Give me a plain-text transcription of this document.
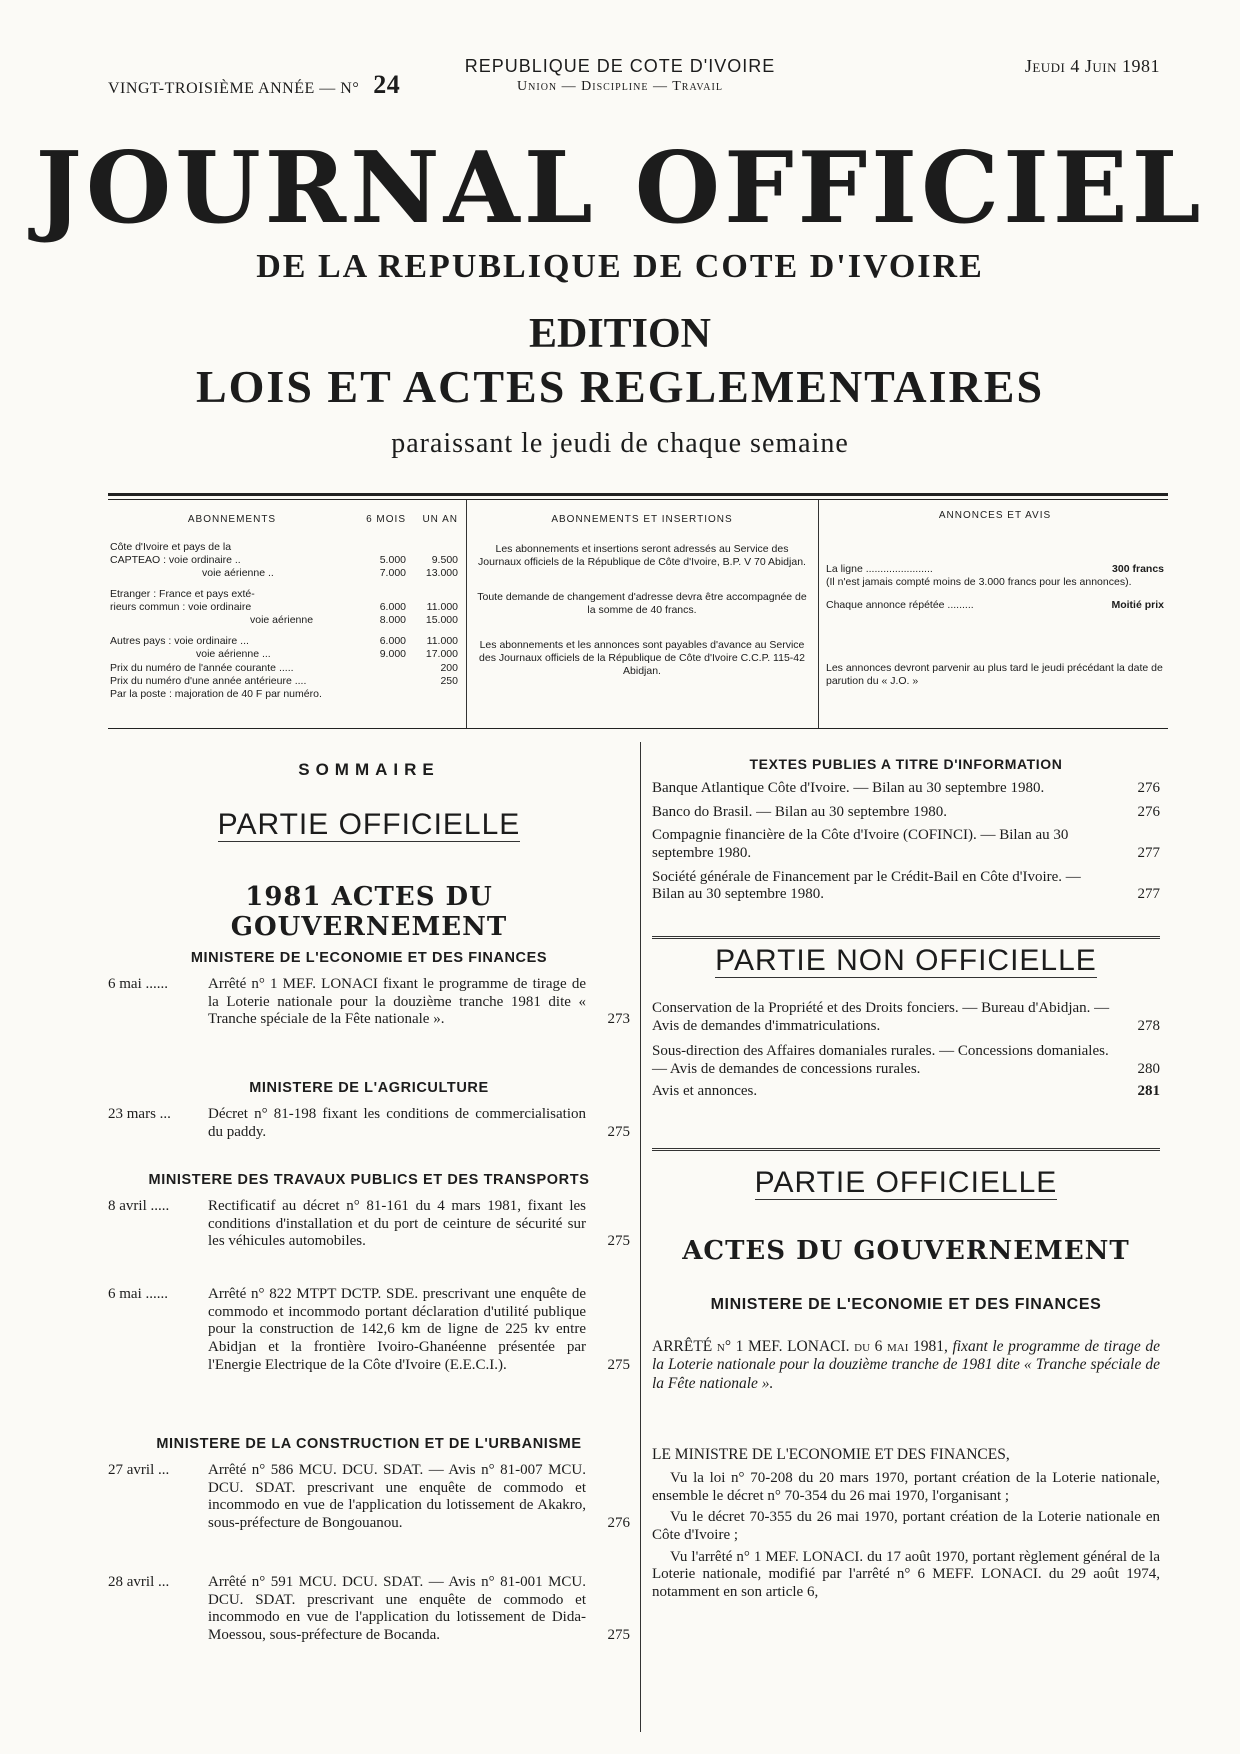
VINGT-TROISIÈME ANNÉE — N° 24
REPUBLIQUE DE COTE D'IVOIRE
Union — Discipline — Travail
Jeudi 4 Juin 1981
JOURNAL OFFICIEL
DE LA REPUBLIQUE DE COTE D'IVOIRE
EDITION
LOIS ET ACTES REGLEMENTAIRES
paraissant le jeudi de chaque semaine
ABONNEMENTS	6 MOIS	UN AN
Côte d'Ivoire et pays de la
CAPTEAO : voie ordinaire ..	5.000	9.500
voie aérienne ..	7.000	13.000
Etranger : France et pays exté-
rieurs commun : voie ordinaire	6.000	11.000
voie aérienne	8.000	15.000
Autres pays : voie ordinaire ...	6.000	11.000
voie aérienne ...	9.000	17.000
Prix du numéro de l'année courante .....	200
Prix du numéro d'une année antérieure ....	250
Par la poste : majoration de 40 F par numéro.
ABONNEMENTS ET INSERTIONS
Les abonnements et insertions seront adressés au Service des Journaux officiels de la République de Côte d'Ivoire, B.P. V 70 Abidjan.
Toute demande de changement d'adresse devra être accompagnée de la somme de 40 francs.
Les abonnements et les annonces sont payables d'avance au Service des Journaux officiels de la République de Côte d'Ivoire C.C.P. 115-42 Abidjan.
ANNONCES ET AVIS
La ligne .......................	300 francs
(Il n'est jamais compté moins de 3.000 francs pour les annonces).
Chaque annonce répétée .........	Moitié prix
Les annonces devront parvenir au plus tard le jeudi précédant la date de parution du « J.O. »
SOMMAIRE
PARTIE OFFICIELLE
1981 ACTES DU GOUVERNEMENT
MINISTERE DE L'ECONOMIE ET DES FINANCES
6 mai ......	Arrêté n° 1 MEF. LONACI fixant le programme de tirage de la Loterie nationale pour la douzième tranche 1981 dite « Tranche spéciale de la Fête nationale ».	273
MINISTERE DE L'AGRICULTURE
23 mars ...	Décret n° 81-198 fixant les conditions de commercialisation du paddy.	275
MINISTERE DES TRAVAUX PUBLICS ET DES TRANSPORTS
8 avril .....	Rectificatif au décret n° 81-161 du 4 mars 1981, fixant les conditions d'installation et du port de ceinture de sécurité sur les véhicules automobiles.	275
6 mai ......	Arrêté n° 822 MTPT DCTP. SDE. prescrivant une enquête de commodo et incommodo portant déclaration d'utilité publique pour la construction de 142,6 km de ligne de 225 kv entre Abidjan et la frontière Ivoiro-Ghanéenne présentée par l'Energie Electrique de la Côte d'Ivoire (E.E.C.I.).	275
MINISTERE DE LA CONSTRUCTION ET DE L'URBANISME
27 avril ...	Arrêté n° 586 MCU. DCU. SDAT. — Avis n° 81-007 MCU. DCU. SDAT. prescrivant une enquête de commodo et incommodo en vue de l'application du lotissement de Akakro, sous-préfecture de Bongouanou.	276
28 avril ...	Arrêté n° 591 MCU. DCU. SDAT. — Avis n° 81-001 MCU. DCU. SDAT. prescrivant une enquête de commodo et incommodo en vue de l'application du lotissement de Dida-Moessou, sous-préfecture de Bocanda.	275
TEXTES PUBLIES A TITRE D'INFORMATION
Banque Atlantique Côte d'Ivoire. — Bilan au 30 septembre 1980.	276
Banco do Brasil. — Bilan au 30 septembre 1980.	276
Compagnie financière de la Côte d'Ivoire (COFINCI). — Bilan au 30 septembre 1980.	277
Société générale de Financement par le Crédit-Bail en Côte d'Ivoire. — Bilan au 30 septembre 1980.	277
PARTIE NON OFFICIELLE
Conservation de la Propriété et des Droits fonciers. — Bureau d'Abidjan. — Avis de demandes d'immatriculations.	278
Sous-direction des Affaires domaniales rurales. — Concessions domaniales. — Avis de demandes de concessions rurales.	280
Avis et annonces.	281
PARTIE OFFICIELLE
ACTES DU GOUVERNEMENT
MINISTERE DE L'ECONOMIE ET DES FINANCES
ARRÊTÉ n° 1 MEF. LONACI. du 6 mai 1981, fixant le programme de tirage de la Loterie nationale pour la douzième tranche de 1981 dite « Tranche spéciale de la Fête nationale ».
LE MINISTRE DE L'ECONOMIE ET DES FINANCES,
Vu la loi n° 70-208 du 20 mars 1970, portant création de la Loterie nationale, ensemble le décret n° 70-354 du 26 mai 1970, l'organisant ;
Vu le décret 70-355 du 26 mai 1970, portant création de la Loterie nationale en Côte d'Ivoire ;
Vu l'arrêté n° 1 MEF. LONACI. du 17 août 1970, portant règlement général de la Loterie nationale, modifié par l'arrêté n° 6 MEFF. LONACI. du 29 août 1974, notamment en son article 6,
